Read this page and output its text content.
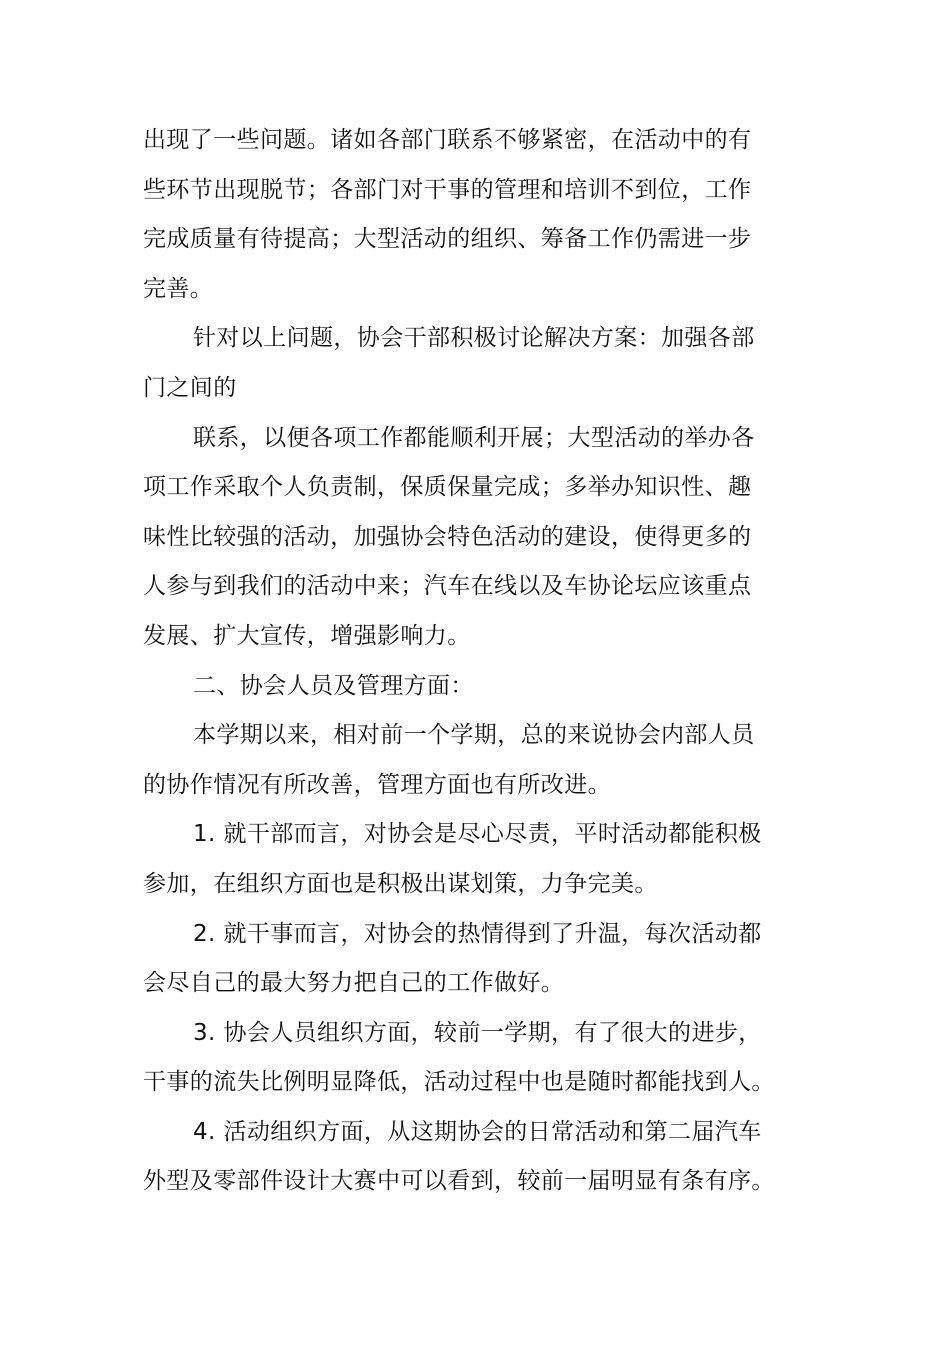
出现了一些问题。诸如各部门联系不够紧密，在活动中的有
些环节出现脱节；各部门对干事的管理和培训不到位，工作
完成质量有待提高；大型活动的组织、筹备工作仍需进一步
完善。
针对以上问题，协会干部积极讨论解决方案：加强各部
门之间的
联系，以便各项工作都能顺利开展；大型活动的举办各
项工作采取个人负责制，保质保量完成；多举办知识性、趣
味性比较强的活动，加强协会特色活动的建设，使得更多的
人参与到我们的活动中来；汽车在线以及车协论坛应该重点
发展、扩大宣传，增强影响力。
二、协会人员及管理方面：
本学期以来，相对前一个学期，总的来说协会内部人员
的协作情况有所改善，管理方面也有所改进。
1. 就干部而言，对协会是尽心尽责，平时活动都能积极
参加，在组织方面也是积极出谋划策，力争完美。
2. 就干事而言，对协会的热情得到了升温，每次活动都
会尽自己的最大努力把自己的工作做好。
3. 协会人员组织方面，较前一学期，有了很大的进步，
干事的流失比例明显降低，活动过程中也是随时都能找到人。
4. 活动组织方面，从这期协会的日常活动和第二届汽车
外型及零部件设计大赛中可以看到，较前一届明显有条有序。
